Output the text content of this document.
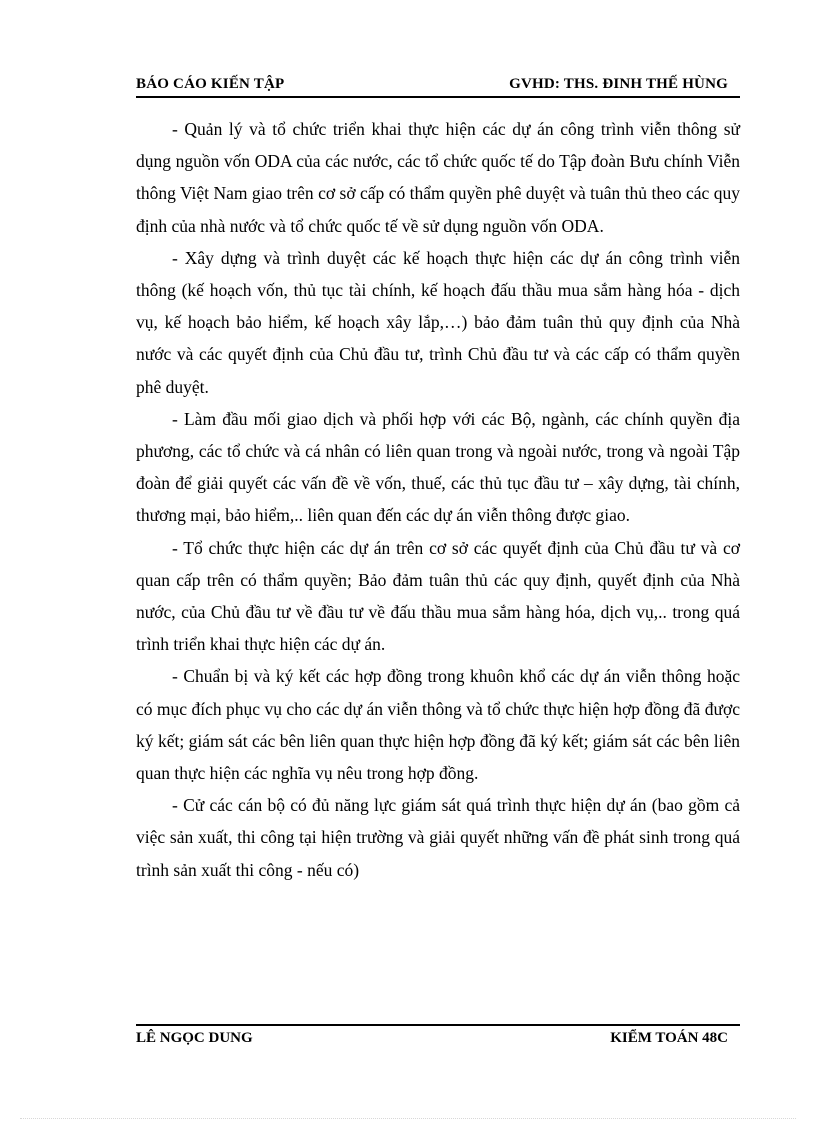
BÁO CÁO KIẾN TẬP	GVHD: THS. ĐINH THẾ HÙNG

- Quản lý và tổ chức triển khai thực hiện các dự án công trình viễn thông sử dụng nguồn vốn ODA của các nước, các tổ chức quốc tế do Tập đoàn Bưu chính Viễn thông Việt Nam giao trên cơ sở cấp có thẩm quyền phê duyệt và tuân thủ theo các quy định của nhà nước và tổ chức quốc tế về sử dụng nguồn vốn ODA.

- Xây dựng và trình duyệt các kế hoạch thực hiện các dự án công trình viễn thông (kế hoạch vốn, thủ tục tài chính, kế hoạch đấu thầu mua sắm hàng hóa - dịch vụ, kế hoạch bảo hiểm, kế hoạch xây lắp,…) bảo đảm tuân thủ quy định của Nhà nước và các quyết định của Chủ đầu tư, trình Chủ đầu tư và các cấp có thẩm quyền phê duyệt.

- Làm đầu mối giao dịch và phối hợp với các Bộ, ngành, các chính quyền địa phương, các tổ chức và cá nhân có liên quan trong và ngoài nước, trong và ngoài Tập đoàn để giải quyết các vấn đề về vốn, thuế, các thủ tục đầu tư – xây dựng, tài chính, thương mại, bảo hiểm,.. liên quan đến các dự án viễn thông được giao.

- Tổ chức thực hiện các dự án trên cơ sở các quyết định của Chủ đầu tư và cơ quan cấp trên có thẩm quyền; Bảo đảm tuân thủ các quy định, quyết định của Nhà nước, của Chủ đầu tư về đầu tư về đấu thầu mua sắm hàng hóa, dịch vụ,.. trong quá trình triển khai thực hiện các dự án.

- Chuẩn bị và ký kết các hợp đồng trong khuôn khổ các dự án viễn thông hoặc có mục đích phục vụ cho các dự án viễn thông và tổ chức thực hiện hợp đồng đã được ký kết; giám sát các bên liên quan thực hiện hợp đồng đã ký kết; giám sát các bên liên quan thực hiện các nghĩa vụ nêu trong hợp đồng.

- Cử các cán bộ có đủ năng lực giám sát quá trình thực hiện dự án (bao gồm cả việc sản xuất, thi công tại hiện trường và giải quyết những vấn đề phát sinh trong quá trình sản xuất thi công - nếu có)

LÊ NGỌC DUNG	KIỂM TOÁN 48C
